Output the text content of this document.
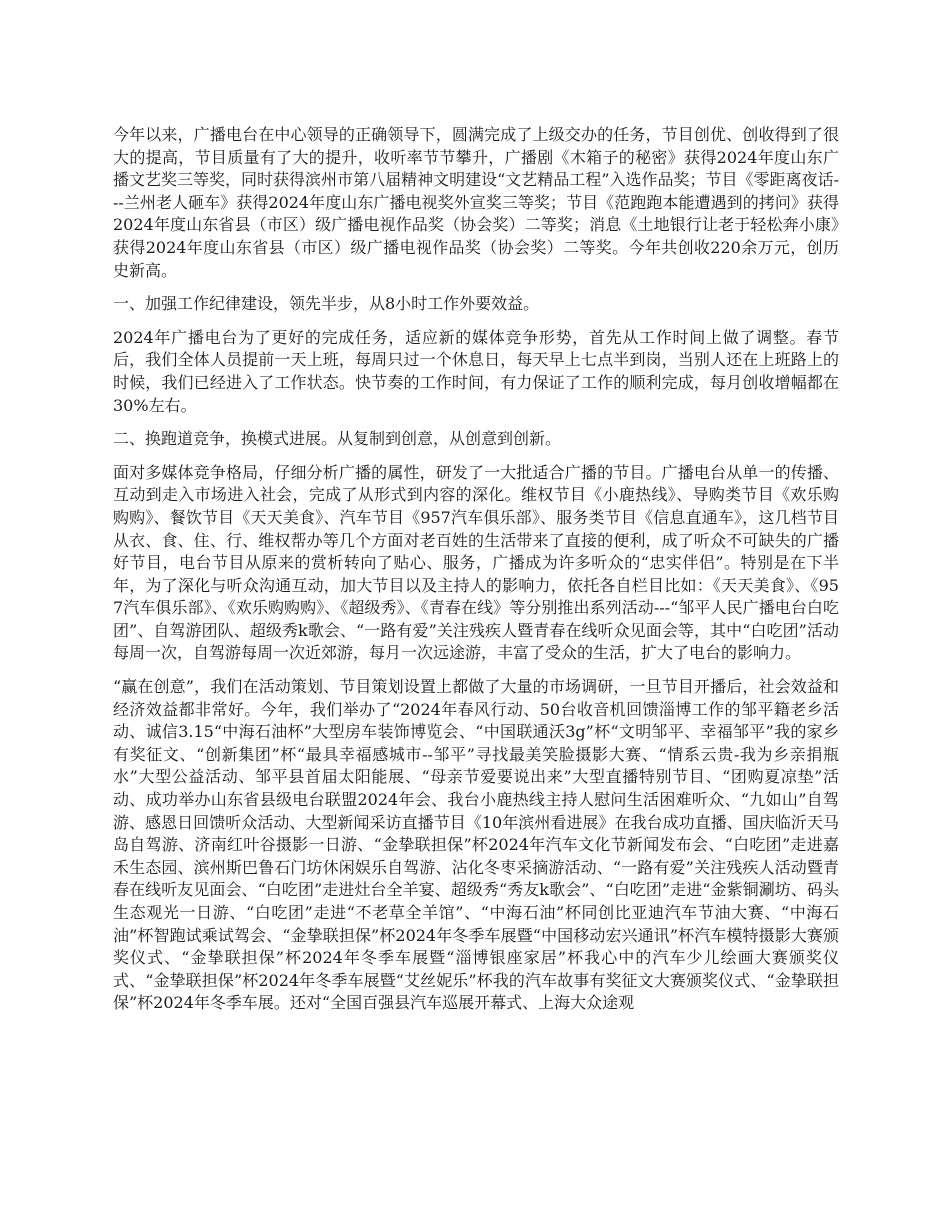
今年以来，广播电台在中心领导的正确领导下，圆满完成了上级交办的任务，节目创优、创收得到了很大的提高，节目质量有了大的提升，收听率节节攀升，广播剧《木箱子的秘密》获得2024年度山东广播文艺奖三等奖，同时获得滨州市第八届精神文明建设“文艺精品工程”入选作品奖；节目《零距离夜话---兰州老人砸车》获得2024年度山东广播电视奖外宣奖三等奖；节目《范跑跑本能遭遇到的拷问》获得2024年度山东省县（市区）级广播电视作品奖（协会奖）二等奖；消息《土地银行让老于轻松奔小康》获得2024年度山东省县（市区）级广播电视作品奖（协会奖）二等奖。今年共创收220余万元，创历史新高。

一、加强工作纪律建设，领先半步，从8小时工作外要效益。

2024年广播电台为了更好的完成任务，适应新的媒体竞争形势，首先从工作时间上做了调整。春节后，我们全体人员提前一天上班，每周只过一个休息日，每天早上七点半到岗，当别人还在上班路上的时候，我们已经进入了工作状态。快节奏的工作时间，有力保证了工作的顺利完成，每月创收增幅都在30%左右。

二、换跑道竞争，换模式进展。从复制到创意，从创意到创新。

面对多媒体竞争格局，仔细分析广播的属性，研发了一大批适合广播的节目。广播电台从单一的传播、互动到走入市场进入社会，完成了从形式到内容的深化。维权节目《小鹿热线》、导购类节目《欢乐购购购》、餐饮节目《天天美食》、汽车节目《957汽车俱乐部》、服务类节目《信息直通车》，这几档节目从衣、食、住、行、维权帮办等几个方面对老百姓的生活带来了直接的便利，成了听众不可缺失的广播好节目，电台节目从原来的赏析转向了贴心、服务，广播成为许多听众的“忠实伴侣”。特别是在下半年，为了深化与听众沟通互动，加大节目以及主持人的影响力，依托各自栏目比如：《天天美食》、《957汽车俱乐部》、《欢乐购购购》、《超级秀》、《青春在线》等分别推出系列活动---“邹平人民广播电台白吃团”、自驾游团队、超级秀k歌会、“一路有爱”关注残疾人暨青春在线听众见面会等，其中“白吃团”活动每周一次，自驾游每周一次近郊游，每月一次远途游，丰富了受众的生活，扩大了电台的影响力。

“赢在创意”，我们在活动策划、节目策划设置上都做了大量的市场调研，一旦节目开播后，社会效益和经济效益都非常好。今年，我们举办了“2024年春风行动、50台收音机回馈淄博工作的邹平籍老乡活动、诚信3.15“中海石油杯”大型房车装饰博览会、“中国联通沃3g”杯“文明邹平、幸福邹平”我的家乡有奖征文、“创新集团”杯“最具幸福感城市--邹平”寻找最美笑脸摄影大赛、“情系云贵-我为乡亲捐瓶水”大型公益活动、邹平县首届太阳能展、“母亲节爱要说出来”大型直播特别节目、“团购夏凉垫”活动、成功举办山东省县级电台联盟2024年会、我台小鹿热线主持人慰问生活困难听众、“九如山”自驾游、感恩日回馈听众活动、大型新闻采访直播节目《10年滨州看进展》在我台成功直播、国庆临沂天马岛自驾游、济南红叶谷摄影一日游、“金挚联担保”杯2024年汽车文化节新闻发布会、“白吃团”走进嘉禾生态园、滨州斯巴鲁石门坊休闲娱乐自驾游、沾化冬枣采摘游活动、“一路有爱”关注残疾人活动暨青春在线听友见面会、“白吃团”走进灶台全羊宴、超级秀“秀友k歌会”、“白吃团”走进“金紫铜涮坊、码头生态观光一日游、“白吃团”走进“不老草全羊馆”、“中海石油”杯同创比亚迪汽车节油大赛、“中海石油”杯智跑试乘试驾会、“金挚联担保”杯2024年冬季车展暨“中国移动宏兴通讯”杯汽车模特摄影大赛颁奖仪式、“金挚联担保”杯2024年冬季车展暨“淄博银座家居”杯我心中的汽车少儿绘画大赛颁奖仪式、“金挚联担保”杯2024年冬季车展暨“艾丝妮乐”杯我的汽车故事有奖征文大赛颁奖仪式、“金挚联担保”杯2024年冬季车展。还对“全国百强县汽车巡展开幕式、上海大众途观
